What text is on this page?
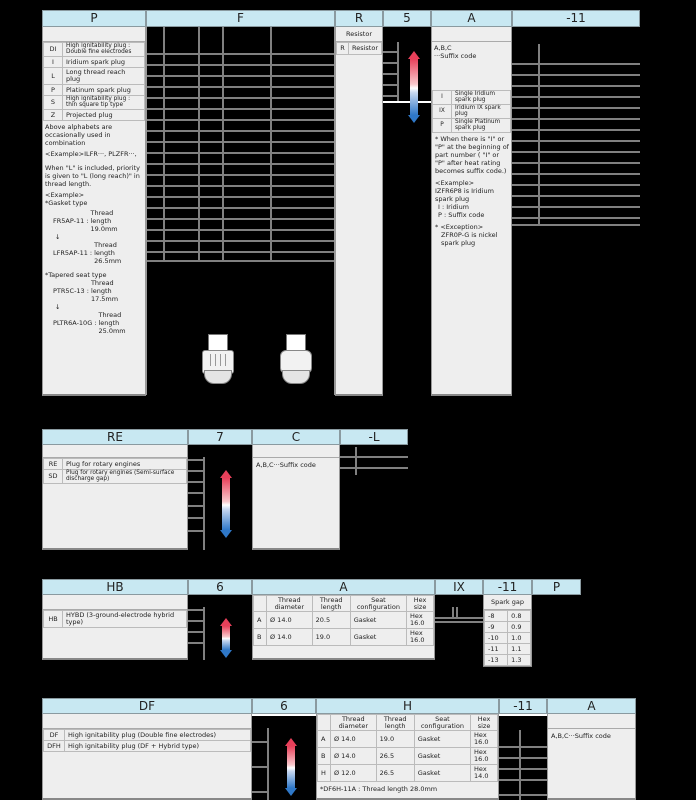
P	F	R	5	A	-11
DI	High ignitability plug : Double fine electrodes
I	Iridium spark plug
L	Long thread reach plug
P	Platinum spark plug
S	High ignitability plug : thin square tip type
Z	Projected plug
Above alphabets are occasionally used in combination
<Example>ILFR···, PLZFR···,
When "L" is included, priority is given to "L (long reach)" in thread length.
<Example>
*Gasket type
FR5AP-11 :
Thread length 19.0mm
↓
LFR5AP-11 :
Thread length 26.5mm
*Tapered seat type
PTR5C-13 :
Thread length 17.5mm
↓
PLTR6A-10G :
Thread length 25.0mm
Resistor
R	Resistor	A,B,C
···Suffix code
I	Single Iridium spark plug
IX	Iridium IX spark plug
P	Single Platinum spark plug
* When there is "I" or "P" at the beginning of part number ( "I" or "P" after heat rating becomes suffix code.)
<Example>
IZFR6P8 is Iridium spark plug
I : Iridium
P : Suffix code
* <Exception>
ZFR0P-G is nickel spark plug
RE	7	C	-L
RE	Plug for rotary engines
SD	Plug for rotary engines (Semi-surface discharge gap)
A,B,C···Suffix code
HB	6	A	IX	-11	P
HB	HYBD (3-ground-electrode hybrid type)
	Thread diameter	Thread length	Seat configuration	Hex size
A	Ø 14.0	20.5	Gasket	Hex 16.0
B	Ø 14.0	19.0	Gasket	Hex 16.0
Spark gap
-8	0.8
-9	0.9
-10	1.0
-11	1.1
-13	1.3
DF	6	H	-11	A
DF	High ignitability plug (Double fine electrodes)
DFH	High ignitability plug (DF + Hybrid type)
	Thread diameter	Thread length	Seat configuration	Hex size
A	Ø 14.0	19.0	Gasket	Hex 16.0
B	Ø 14.0	26.5	Gasket	Hex 16.0
H	Ø 12.0	26.5	Gasket	Hex 14.0
*DF6H-11A : Thread length 28.0mm
A,B,C···Suffix code
